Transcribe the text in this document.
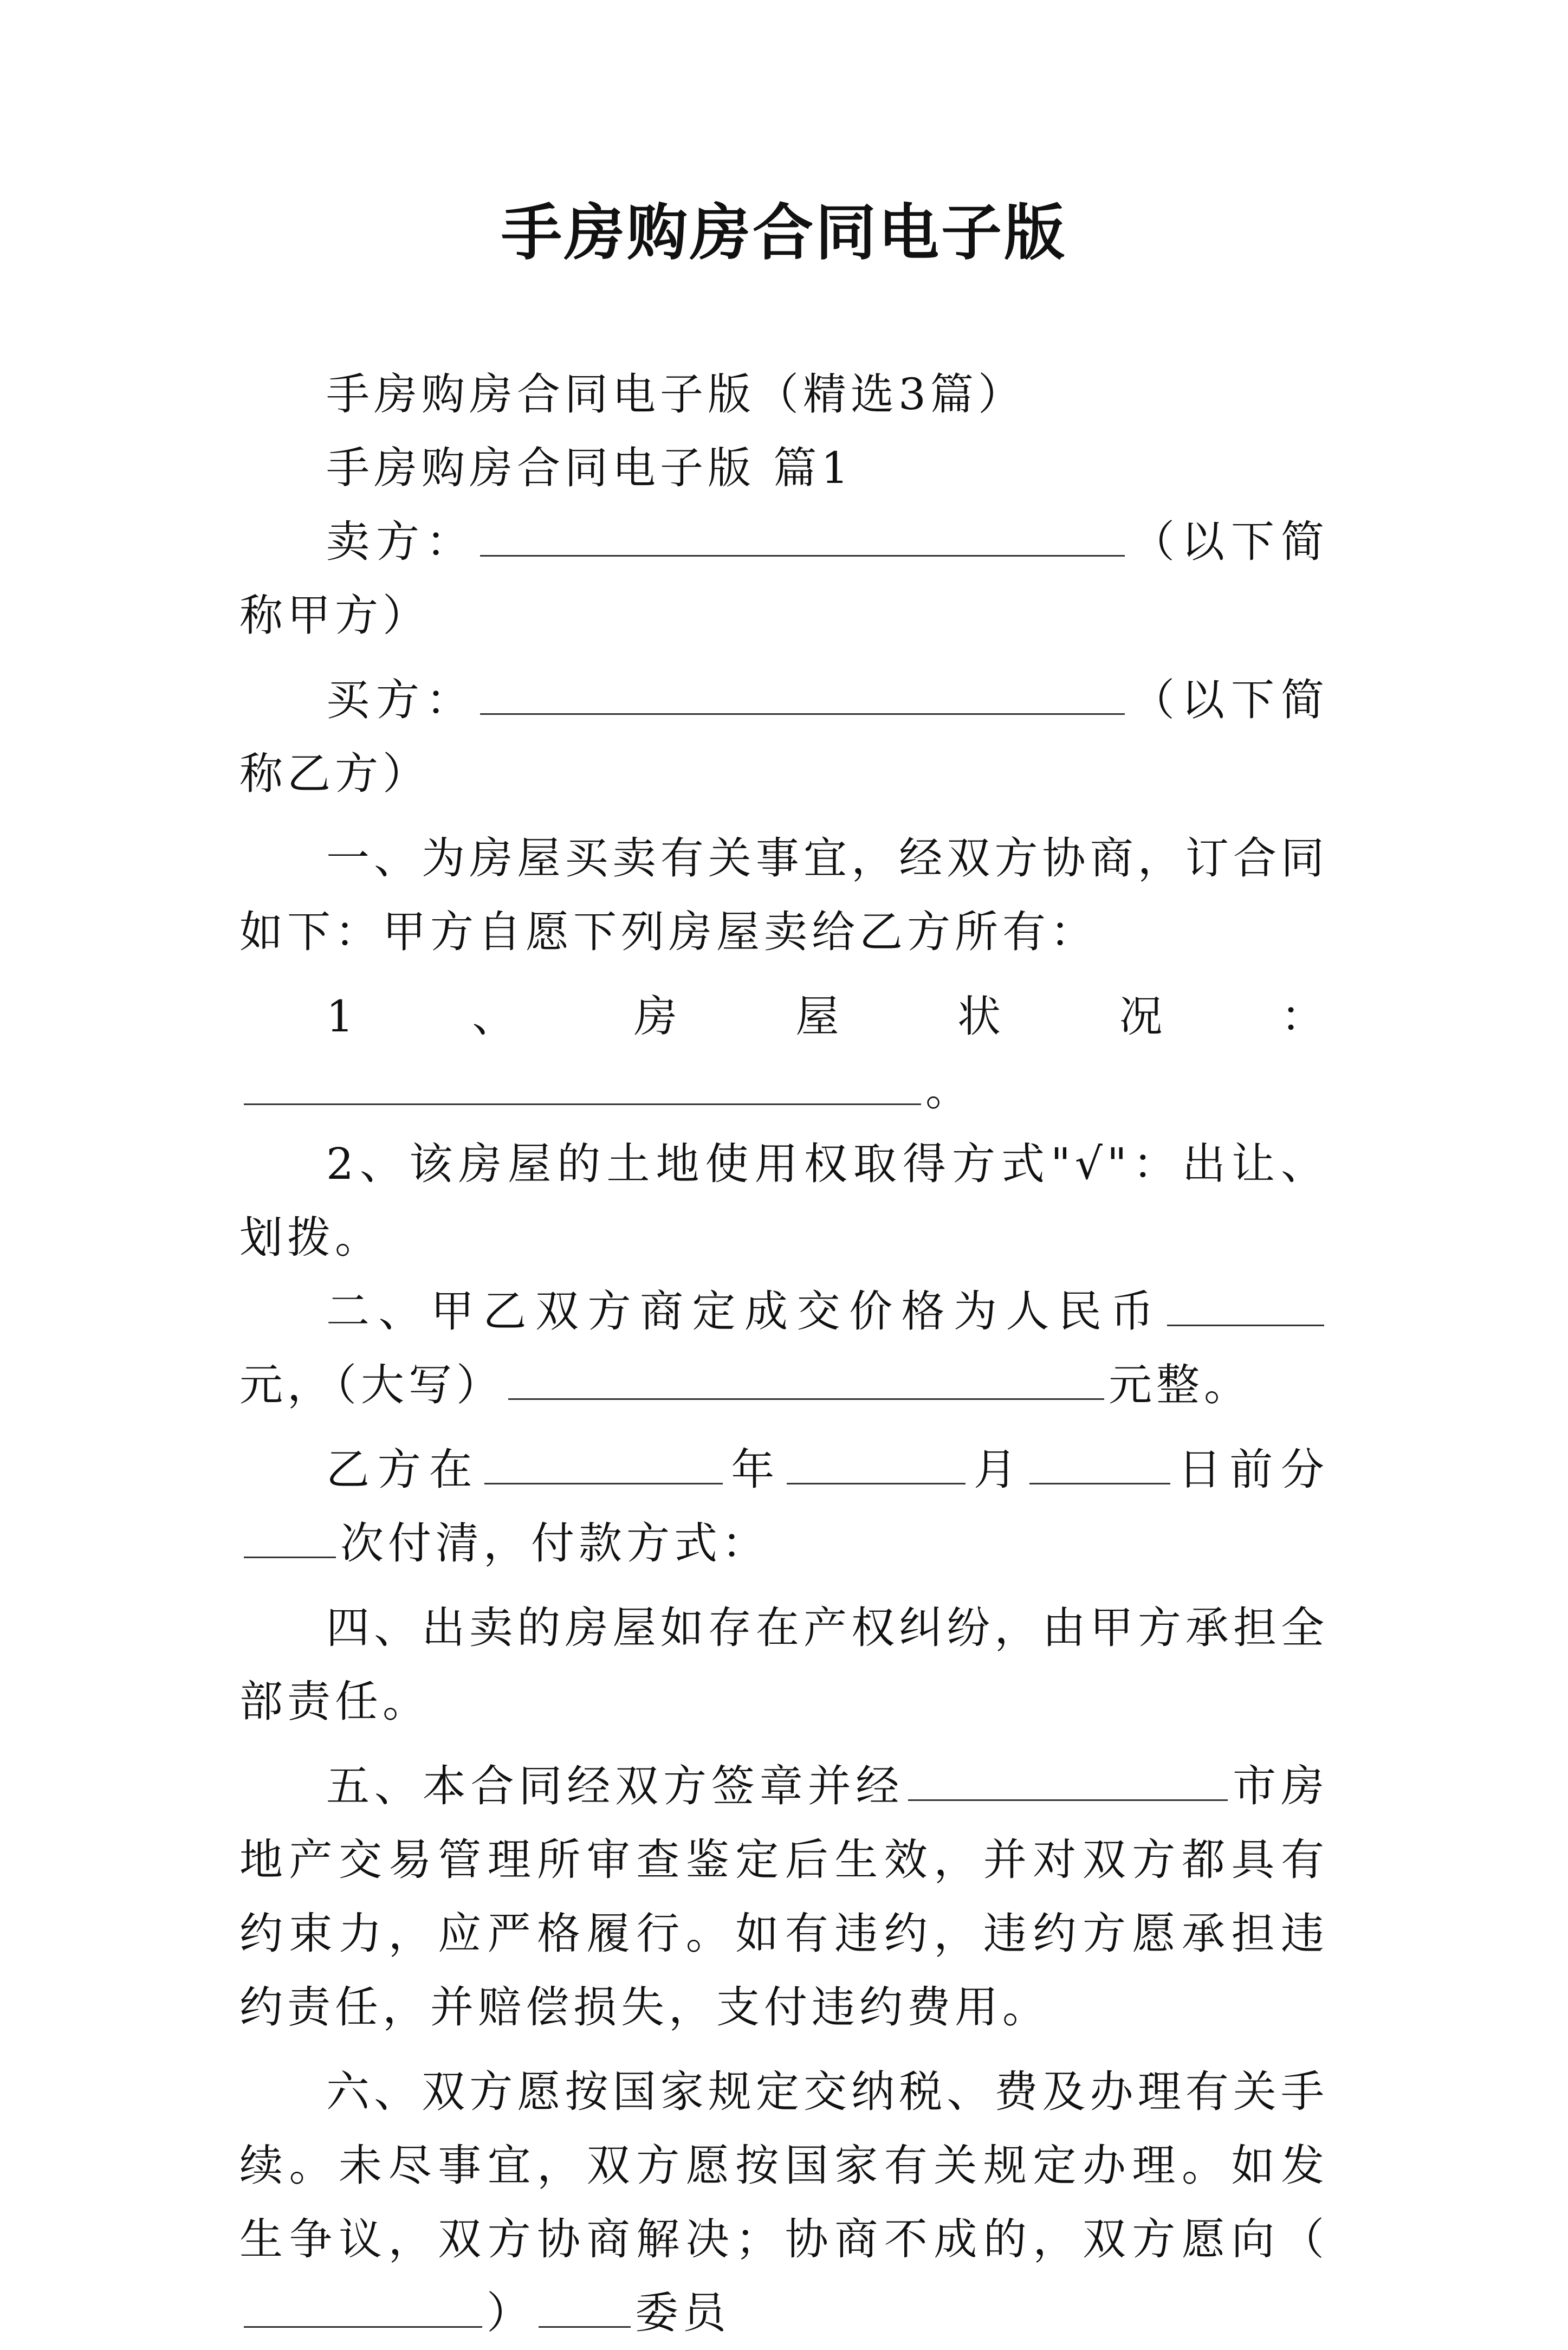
手房购房合同电子版

手房购房合同电子版（精选3篇）

手房购房合同电子版 篇1

卖方：	（以下简称甲方）

买方：	（以下简称乙方）

一、为房屋买卖有关事宜，经双方协商，订合同如下：甲方自愿下列房屋卖给乙方所有：

1、房屋状况：。

2、该房屋的土地使用权取得方式"√"：出让、划拨。

二、甲乙双方商定成交价格为人民币元，（大写）	元整。

乙方在	年	月	日前分次付清，付款方式：

四、出卖的房屋如存在产权纠纷，由甲方承担全部责任。

五、本合同经双方签章并经	市房地产交易管理所审查鉴定后生效，并对双方都具有约束力，应严格履行。如有违约，违约方愿承担违约责任，并赔偿损失，支付违约费用。

六、双方愿按国家规定交纳税、费及办理有关手续。未尽事宜，双方愿按国家有关规定办理。如发生争议，双方协商解决；协商不成的，双方愿向（） 委员
